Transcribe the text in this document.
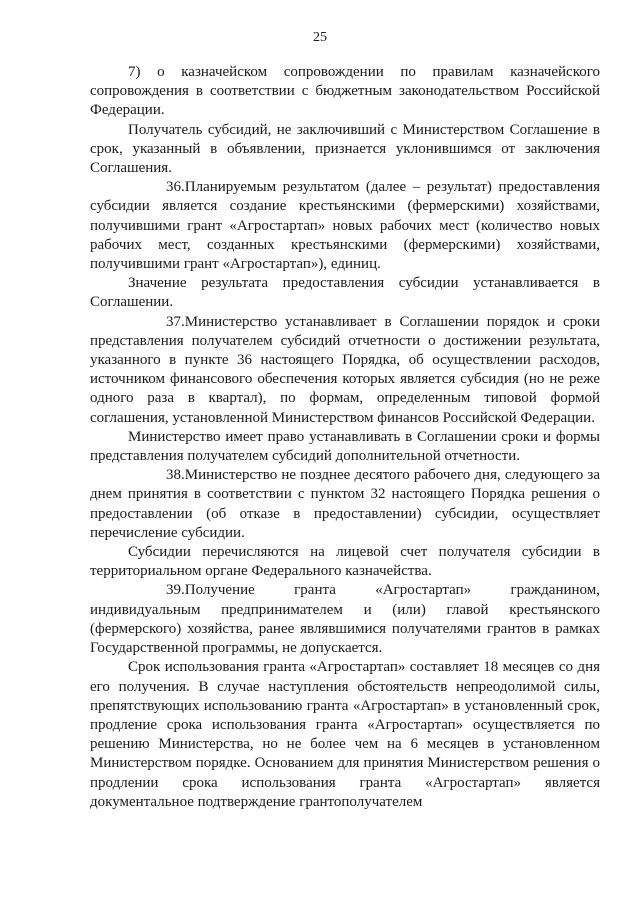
25

7) о казначейском сопровождении по правилам казначейского сопровождения в соответствии с бюджетным законодательством Российской Федерации.

Получатель субсидий, не заключивший с Министерством Соглашение в срок, указанный в объявлении, признается уклонившимся от заключения Соглашения.

36.Планируемым результатом (далее – результат) предоставления субсидии является создание крестьянскими (фермерскими) хозяйствами, получившими грант «Агростартап» новых рабочих мест (количество новых рабочих мест, созданных крестьянскими (фермерскими) хозяйствами, получившими грант «Агростартап»), единиц.

Значение результата предоставления субсидии устанавливается в Соглашении.

37.Министерство устанавливает в Соглашении порядок и сроки представления получателем субсидий отчетности о достижении результата, указанного в пункте 36 настоящего Порядка, об осуществлении расходов, источником финансового обеспечения которых является субсидия (но не реже одного раза в квартал), по формам, определенным типовой формой соглашения, установленной Министерством финансов Российской Федерации.

Министерство имеет право устанавливать в Соглашении сроки и формы представления получателем субсидий дополнительной отчетности.

38.Министерство не позднее десятого рабочего дня, следующего за днем принятия в соответствии с пунктом 32 настоящего Порядка решения о предоставлении (об отказе в предоставлении) субсидии, осуществляет перечисление субсидии.

Субсидии перечисляются на лицевой счет получателя субсидии в территориальном органе Федерального казначейства.

39.Получение гранта «Агростартап» гражданином, индивидуальным предпринимателем и (или) главой крестьянского (фермерского) хозяйства, ранее являвшимися получателями грантов в рамках Государственной программы, не допускается.

Срок использования гранта «Агростартап» составляет 18 месяцев со дня его получения. В случае наступления обстоятельств непреодолимой силы, препятствующих использованию гранта «Агростартап» в установленный срок, продление срока использования гранта «Агростартап» осуществляется по решению Министерства, но не более чем на 6 месяцев в установленном Министерством порядке. Основанием для принятия Министерством решения о продлении срока использования гранта «Агростартап» является документальное подтверждение грантополучателем
